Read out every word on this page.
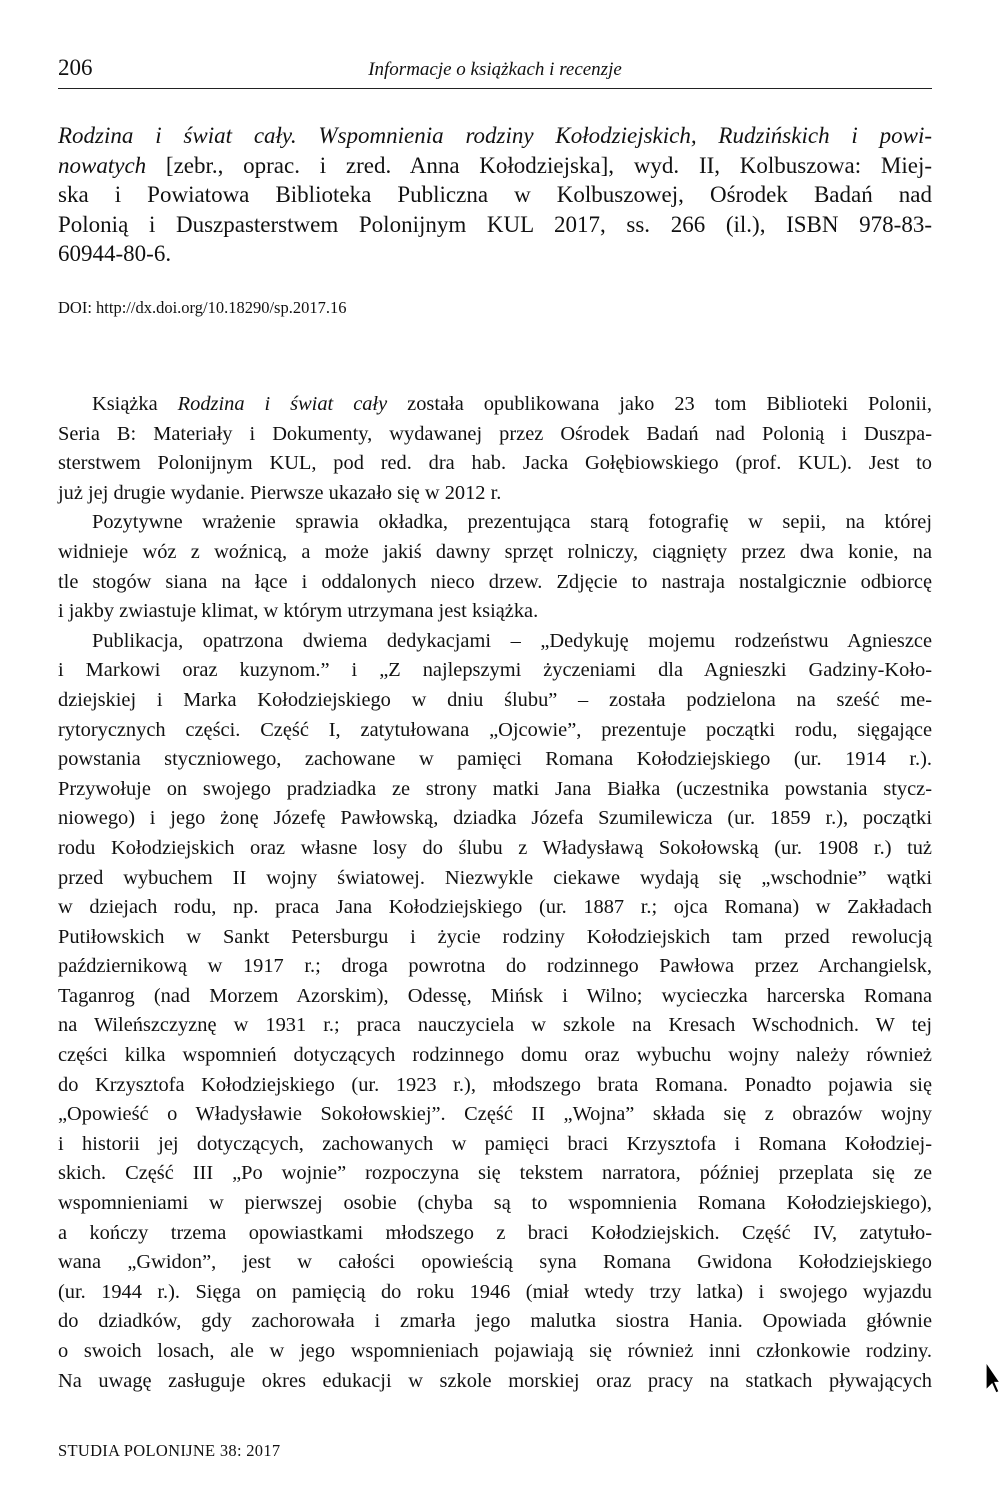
206	Informacje o książkach i recenzje
Rodzina i świat cały. Wspomnienia rodziny Kołodziejskich, Rudzińskich i powi-
nowatych [zebr., oprac. i zred. Anna Kołodziejska], wyd. II, Kolbuszowa: Miej-
ska i Powiatowa Biblioteka Publiczna w Kolbuszowej, Ośrodek Badań nad
Polonią i Duszpasterstwem Polonijnym KUL 2017, ss. 266 (il.), ISBN 978-83-
60944-80-6.
DOI: http://dx.doi.org/10.18290/sp.2017.16
Książka Rodzina i świat cały została opublikowana jako 23 tom Biblioteki Polonii,
Seria B: Materiały i Dokumenty, wydawanej przez Ośrodek Badań nad Polonią i Duszpa-
sterstwem Polonijnym KUL, pod red. dra hab. Jacka Gołębiowskiego (prof. KUL). Jest to
już jej drugie wydanie. Pierwsze ukazało się w 2012 r.
Pozytywne wrażenie sprawia okładka, prezentująca starą fotografię w sepii, na której
widnieje wóz z woźnicą, a może jakiś dawny sprzęt rolniczy, ciągnięty przez dwa konie, na
tle stogów siana na łące i oddalonych nieco drzew. Zdjęcie to nastraja nostalgicznie odbiorcę
i jakby zwiastuje klimat, w którym utrzymana jest książka.
Publikacja, opatrzona dwiema dedykacjami – „Dedykuję mojemu rodzeństwu Agnieszce
i Markowi oraz kuzynom.” i „Z najlepszymi życzeniami dla Agnieszki Gadziny-Koło-
dziejskiej i Marka Kołodziejskiego w dniu ślubu” – została podzielona na sześć me-
rytorycznych części. Część I, zatytułowana „Ojcowie”, prezentuje początki rodu, sięgające
powstania styczniowego, zachowane w pamięci Romana Kołodziejskiego (ur. 1914 r.).
Przywołuje on swojego pradziadka ze strony matki Jana Białka (uczestnika powstania stycz-
niowego) i jego żonę Józefę Pawłowską, dziadka Józefa Szumilewicza (ur. 1859 r.), początki
rodu Kołodziejskich oraz własne losy do ślubu z Władysławą Sokołowską (ur. 1908 r.) tuż
przed wybuchem II wojny światowej. Niezwykle ciekawe wydają się „wschodnie” wątki
w dziejach rodu, np. praca Jana Kołodziejskiego (ur. 1887 r.; ojca Romana) w Zakładach
Putiłowskich w Sankt Petersburgu i życie rodziny Kołodziejskich tam przed rewolucją
październikową w 1917 r.; droga powrotna do rodzinnego Pawłowa przez Archangielsk,
Taganrog (nad Morzem Azorskim), Odessę, Mińsk i Wilno; wycieczka harcerska Romana
na Wileńszczyznę w 1931 r.; praca nauczyciela w szkole na Kresach Wschodnich. W tej
części kilka wspomnień dotyczących rodzinnego domu oraz wybuchu wojny należy również
do Krzysztofa Kołodziejskiego (ur. 1923 r.), młodszego brata Romana. Ponadto pojawia się
„Opowieść o Władysławie Sokołowskiej”. Część II „Wojna” składa się z obrazów wojny
i historii jej dotyczących, zachowanych w pamięci braci Krzysztofa i Romana Kołodziej-
skich. Część III „Po wojnie” rozpoczyna się tekstem narratora, później przeplata się ze
wspomnieniami w pierwszej osobie (chyba są to wspomnienia Romana Kołodziejskiego),
a kończy trzema opowiastkami młodszego z braci Kołodziejskich. Część IV, zatytuło-
wana „Gwidon”, jest w całości opowieścią syna Romana Gwidona Kołodziejskiego
(ur. 1944 r.). Sięga on pamięcią do roku 1946 (miał wtedy trzy latka) i swojego wyjazdu
do dziadków, gdy zachorowała i zmarła jego malutka siostra Hania. Opowiada głównie
o swoich losach, ale w jego wspomnieniach pojawiają się również inni członkowie rodziny.
Na uwagę zasługuje okres edukacji w szkole morskiej oraz pracy na statkach pływających
STUDIA POLONIJNE 38: 2017
